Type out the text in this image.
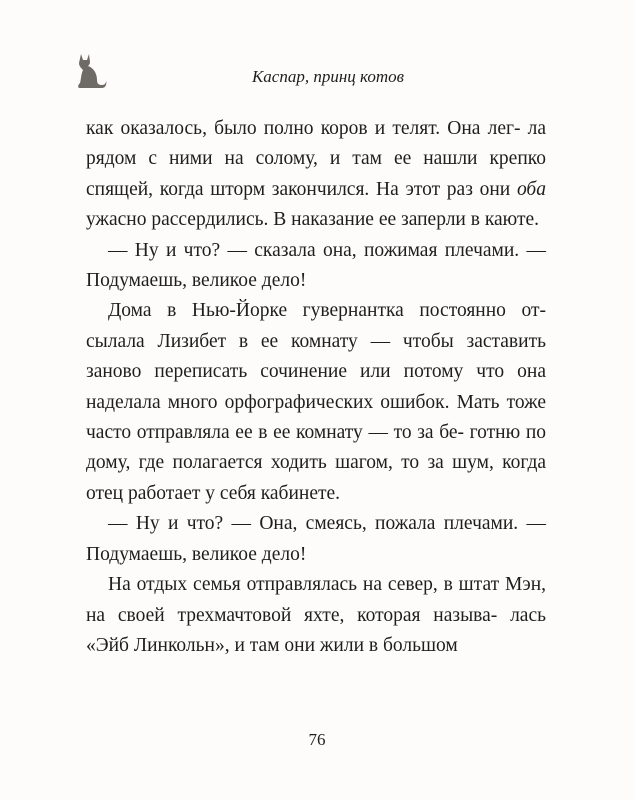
Каспар, принц котов

как оказалось, было полно коров и телят. Она лег- ла рядом с ними на солому, и там ее нашли крепко спящей, когда шторм закончился. На этот раз они оба ужасно рассердились. В наказание ее заперли в каюте.

— Ну и что? — сказала она, пожимая плечами. — Подумаешь, великое дело!

Дома в Нью-Йорке гувернантка постоянно от- сылала Лизибет в ее комнату — чтобы заставить заново переписать сочинение или потому что она наделала много орфографических ошибок. Мать тоже часто отправляла ее в ее комнату — то за бе- готню по дому, где полагается ходить шагом, то за шум, когда отец работает у себя кабинете.

— Ну и что? — Она, смеясь, пожала плечами. — Подумаешь, великое дело!

На отдых семья отправлялась на север, в штат Мэн, на своей трехмачтовой яхте, которая называ- лась «Эйб Линкольн», и там они жили в большом

76
